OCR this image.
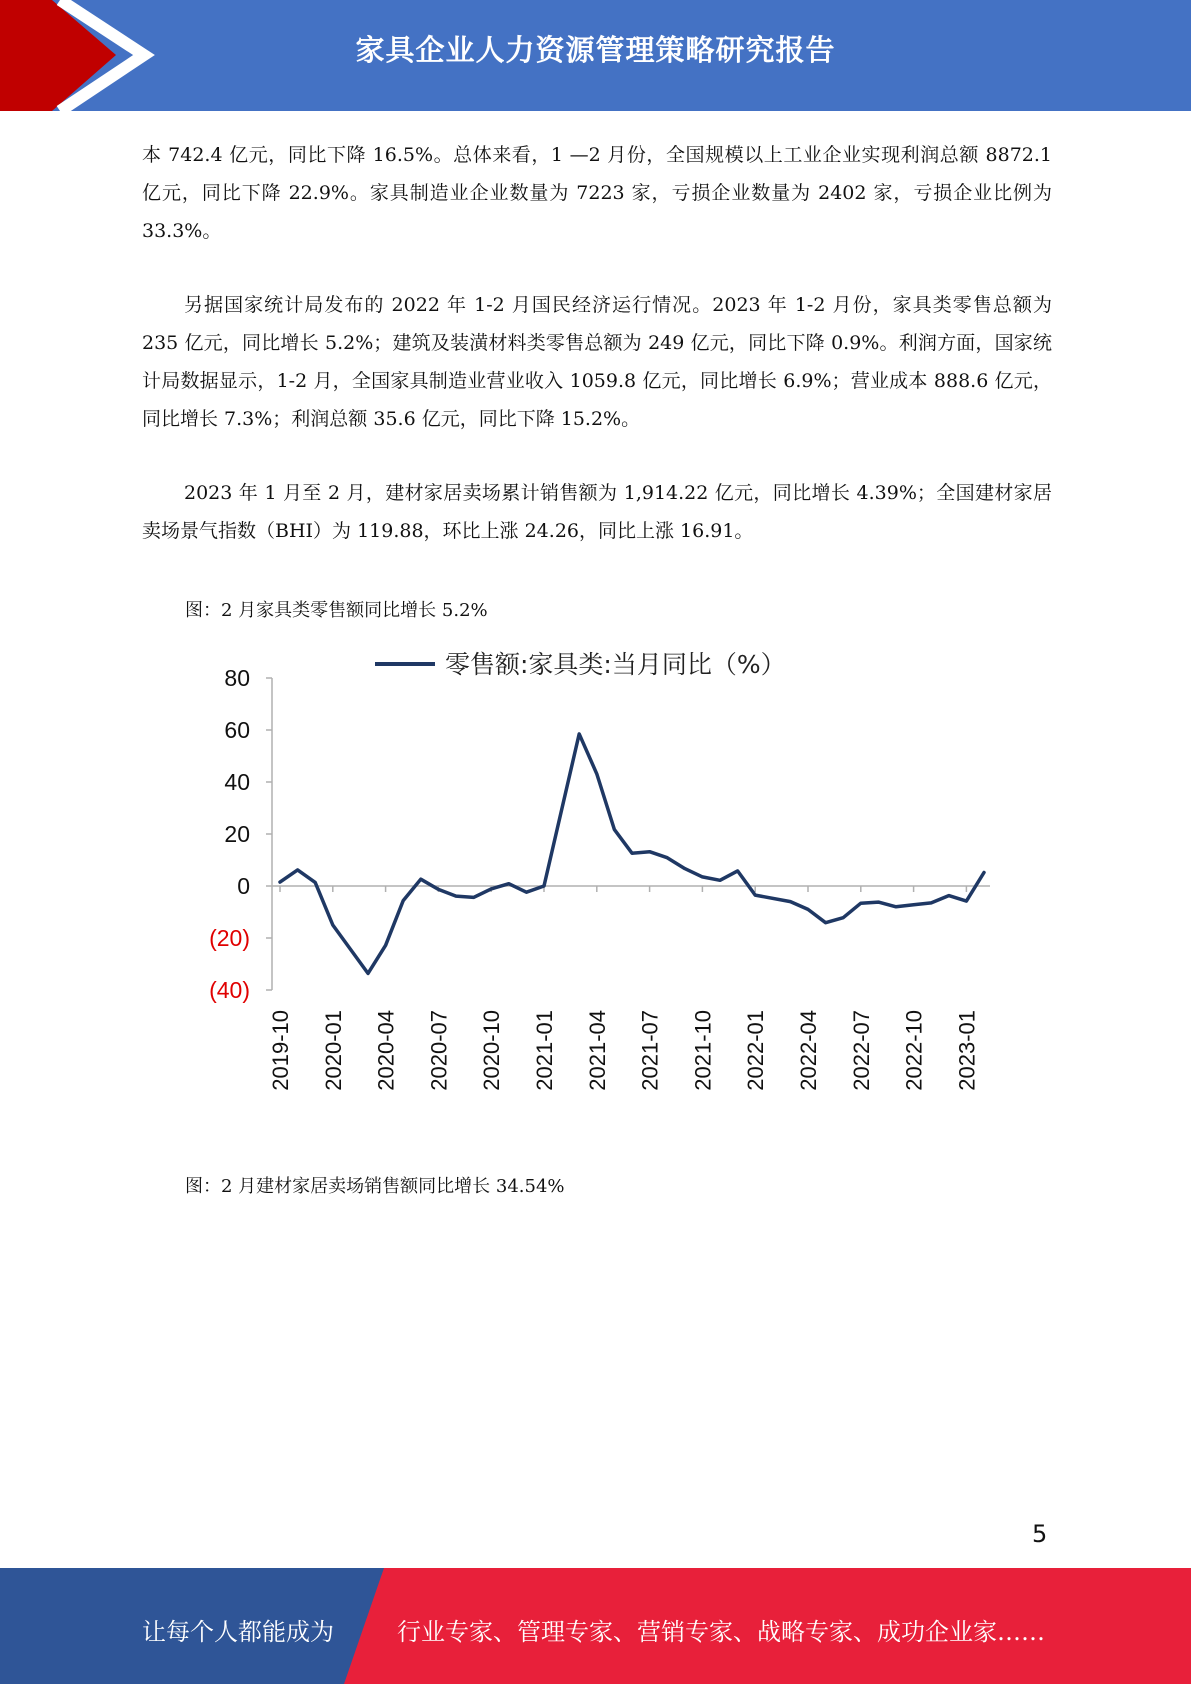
家具企业人力资源管理策略研究报告

本 742.4 亿元，同比下降 16.5%。总体来看，1 —2 月份，全国规模以上工业企业实现利润总额 8872.1 亿元，同比下降 22.9%。家具制造业企业数量为 7223 家，亏损企业数量为 2402 家，亏损企业比例为 33.3%。

另据国家统计局发布的 2022 年 1-2 月国民经济运行情况。2023 年 1-2 月份，家具类零售总额为 235 亿元，同比增长 5.2%；建筑及装潢材料类零售总额为 249 亿元，同比下降 0.9%。利润方面，国家统计局数据显示，1-2 月，全国家具制造业营业收入 1059.8 亿元，同比增长 6.9%；营业成本 888.6 亿元，同比增长 7.3%；利润总额 35.6 亿元，同比下降 15.2%。

2023 年 1 月至 2 月，建材家居卖场累计销售额为 1,914.22 亿元，同比增长 4.39%；全国建材家居卖场景气指数（BHI）为 119.88，环比上涨 24.26，同比上涨 16.91。

图：2 月家具类零售额同比增长 5.2%

80
60
40
20
0
(20)
(40)
2019-10 2020-01 2020-04 2020-07 2020-10 2021-01 2021-04 2021-07 2021-10 2022-01 2022-04 2022-07 2022-10 2023-01
零售额:家具类:当月同比（%）

图：2 月建材家居卖场销售额同比增长 34.54%

5
让每个人都能成为	行业专家、管理专家、营销专家、战略专家、成功企业家……
